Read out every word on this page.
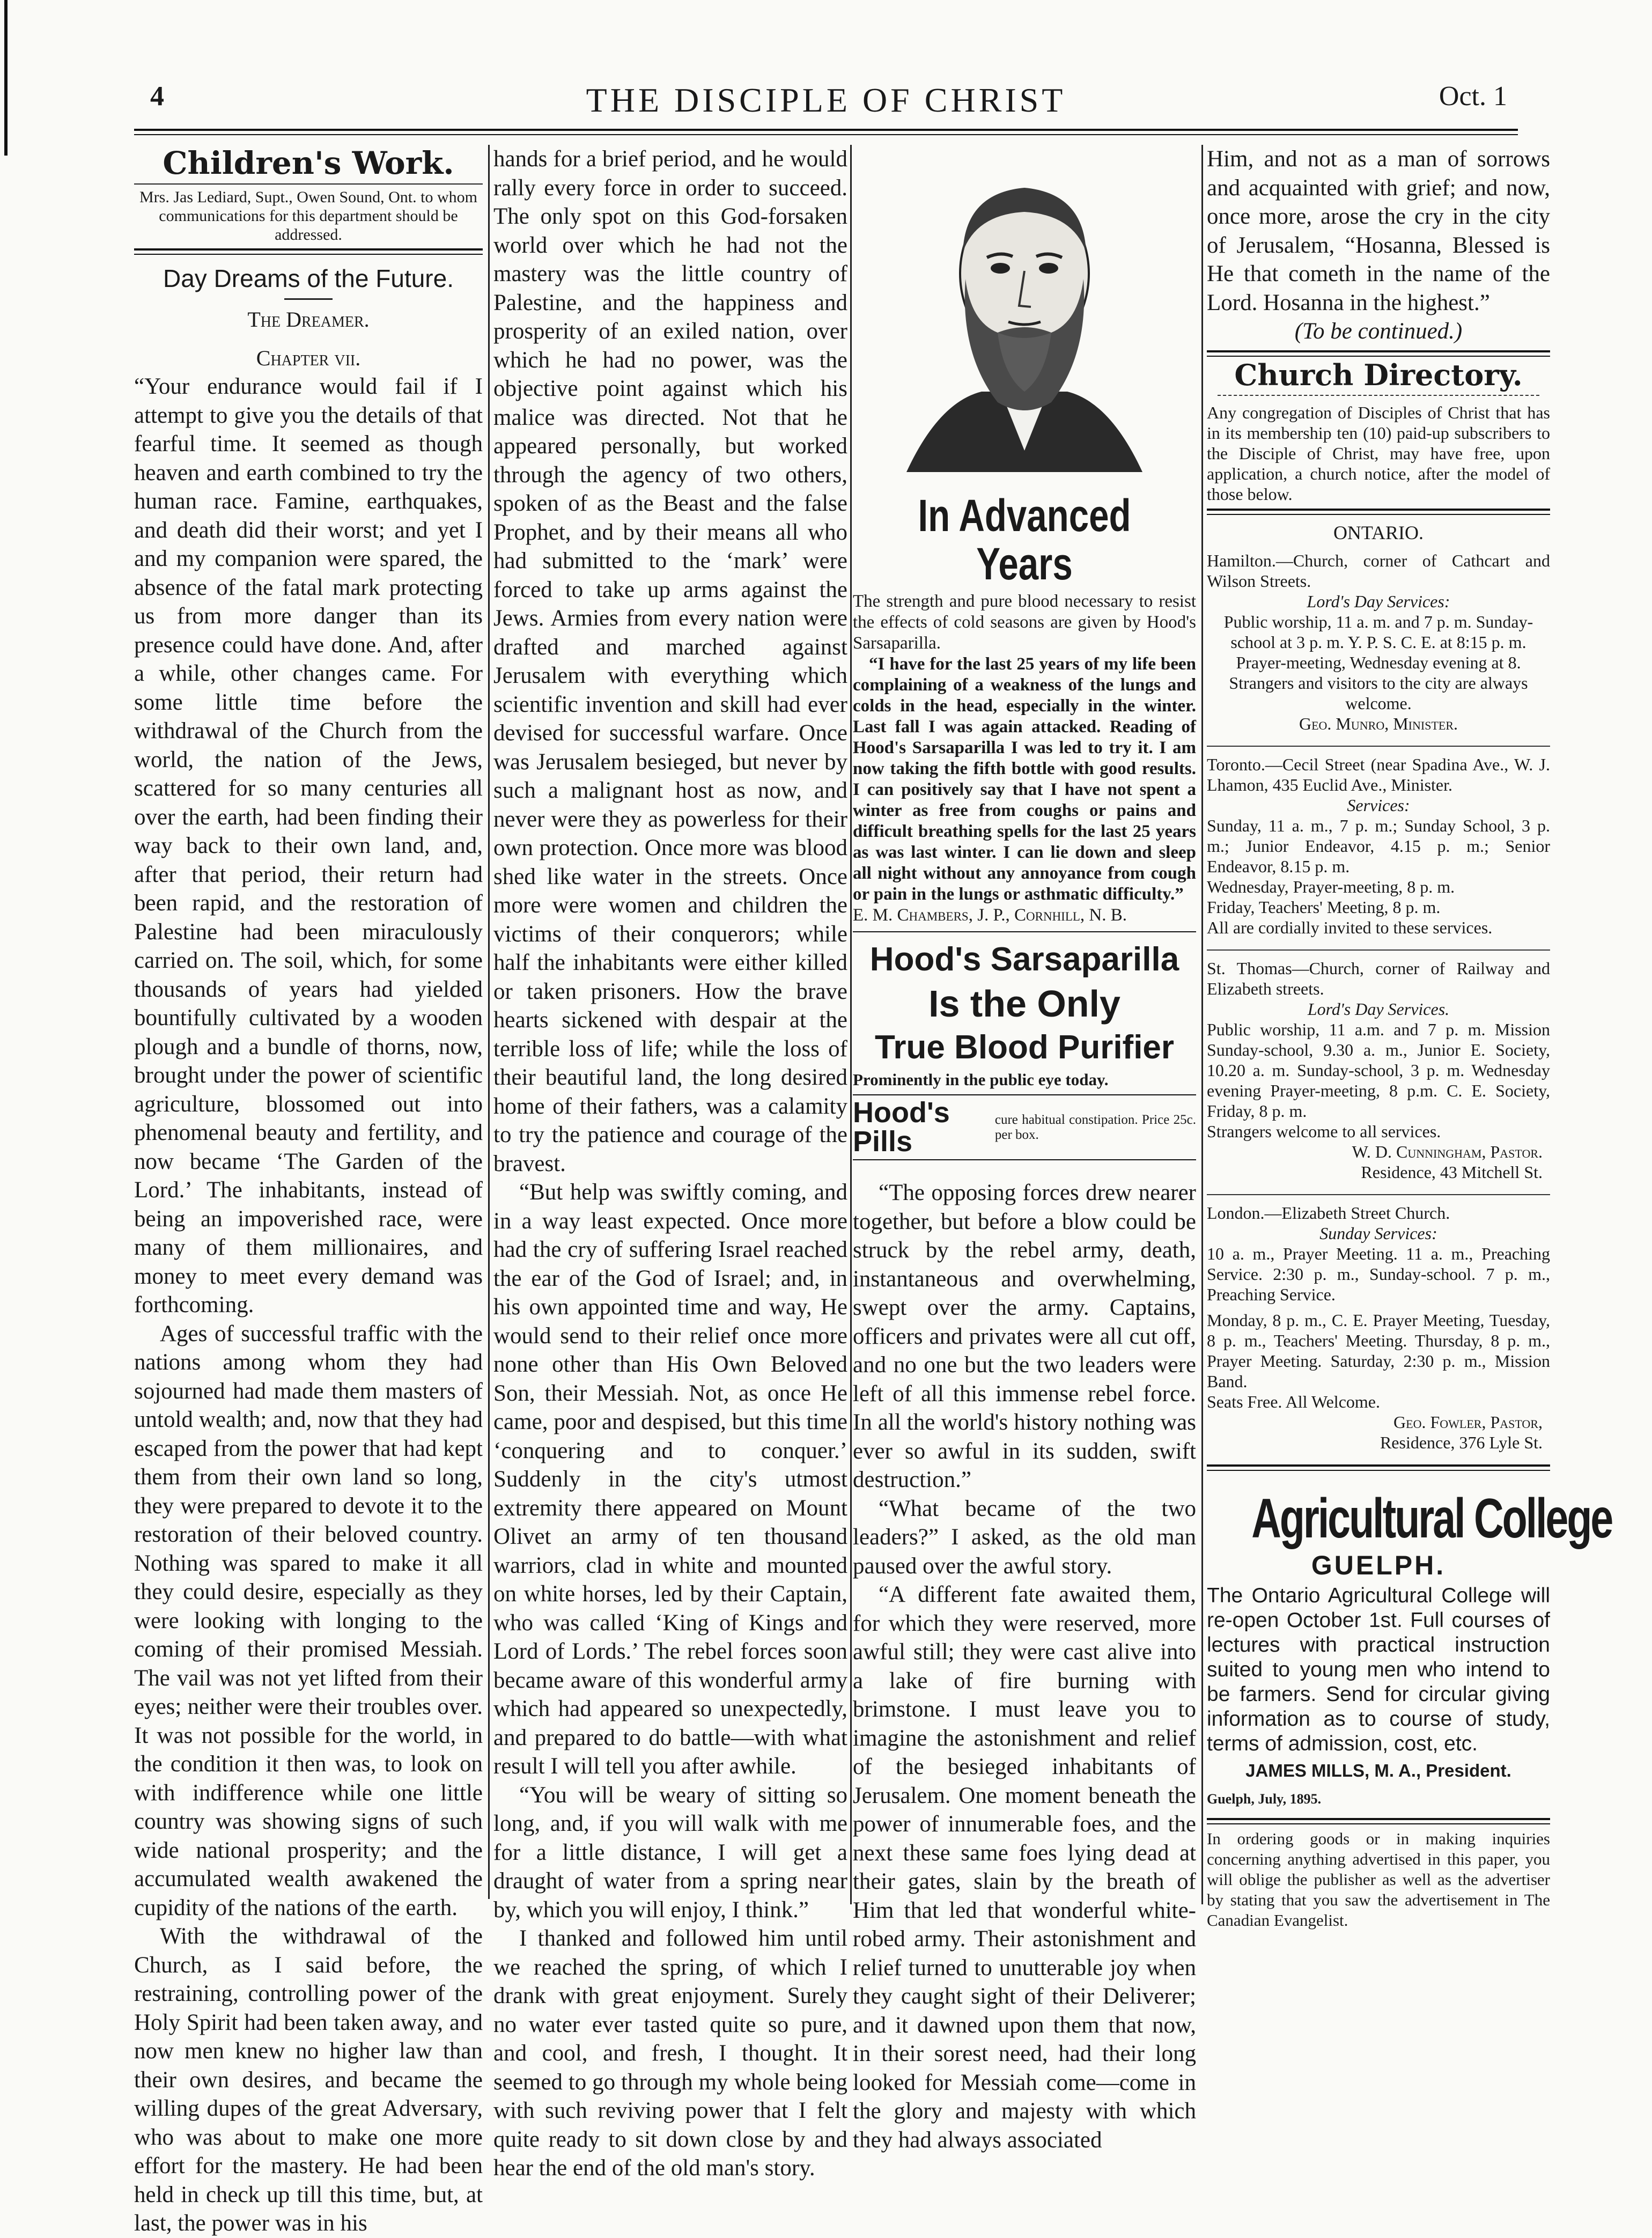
4	THE DISCIPLE OF CHRIST	Oct. 1
Children's Work.
Mrs. Jas Lediard, Supt., Owen Sound, Ont. to whom communications for this department should be addressed.
Day Dreams of the Future.
The Dreamer.
Chapter vii.

“Your endurance would fail if I attempt to give you the details of that fearful time. It seemed as though heaven and earth combined to try the human race. Famine, earthquakes, and death did their worst; and yet I and my companion were spared, the absence of the fatal mark protecting us from more danger than its presence could have done. And, after a while, other changes came. For some little time before the withdrawal of the Church from the world, the nation of the Jews, scattered for so many centuries all over the earth, had been finding their way back to their own land, and, after that period, their return had been rapid, and the restoration of Palestine had been miraculously carried on. The soil, which, for some thousands of years had yielded bountifully cultivated by a wooden plough and a bundle of thorns, now, brought under the power of scientific agriculture, blossomed out into phenomenal beauty and fertility, and now became ‘The Garden of the Lord.’ The inhabitants, instead of being an impoverished race, were many of them millionaires, and money to meet every demand was forthcoming.

Ages of successful traffic with the nations among whom they had sojourned had made them masters of untold wealth; and, now that they had escaped from the power that had kept them from their own land so long, they were prepared to devote it to the restoration of their beloved country. Nothing was spared to make it all they could desire, especially as they were looking with longing to the coming of their promised Messiah. The vail was not yet lifted from their eyes; neither were their troubles over. It was not possible for the world, in the condition it then was, to look on with indifference while one little country was showing signs of such wide national prosperity; and the accumulated wealth awakened the cupidity of the nations of the earth.

With the withdrawal of the Church, as I said before, the restraining, controlling power of the Holy Spirit had been taken away, and now men knew no higher law than their own desires, and became the willing dupes of the great Adversary, who was about to make one more effort for the mastery. He had been held in check up till this time, but, at last, the power was in his

hands for a brief period, and he would rally every force in order to succeed. The only spot on this God-forsaken world over which he had not the mastery was the little country of Palestine, and the happiness and prosperity of an exiled nation, over which he had no power, was the objective point against which his malice was directed. Not that he appeared personally, but worked through the agency of two others, spoken of as the Beast and the false Prophet, and by their means all who had submitted to the ‘mark’ were forced to take up arms against the Jews. Armies from every nation were drafted and marched against Jerusalem with everything which scientific invention and skill had ever devised for successful warfare. Once was Jerusalem besieged, but never by such a malignant host as now, and never were they as powerless for their own protection. Once more was blood shed like water in the streets. Once more were women and children the victims of their conquerors; while half the inhabitants were either killed or taken prisoners. How the brave hearts sickened with despair at the terrible loss of life; while the loss of their beautiful land, the long desired home of their fathers, was a calamity to try the patience and courage of the bravest.

“But help was swiftly coming, and in a way least expected. Once more had the cry of suffering Israel reached the ear of the God of Israel; and, in his own appointed time and way, He would send to their relief once more none other than His Own Beloved Son, their Messiah. Not, as once He came, poor and despised, but this time ‘conquering and to conquer.’ Suddenly in the city's utmost extremity there appeared on Mount Olivet an army of ten thousand warriors, clad in white and mounted on white horses, led by their Captain, who was called ‘King of Kings and Lord of Lords.’ The rebel forces soon became aware of this wonderful army which had appeared so unexpectedly, and prepared to do battle—with what result I will tell you after awhile.

“You will be weary of sitting so long, and, if you will walk with me for a little distance, I will get a draught of water from a spring near by, which you will enjoy, I think.”

I thanked and followed him until we reached the spring, of which I drank with great enjoyment. Surely no water ever tasted quite so pure, and cool, and fresh, I thought. It seemed to go through my whole being with such reviving power that I felt quite ready to sit down close by and hear the end of the old man's story.

In Advanced Years
The strength and pure blood necessary to resist the effects of cold seasons are given by Hood's Sarsaparilla.
“I have for the last 25 years of my life been complaining of a weakness of the lungs and colds in the head, especially in the winter. Last fall I was again attacked. Reading of Hood's Sarsaparilla I was led to try it. I am now taking the fifth bottle with good results. I can positively say that I have not spent a winter as free from coughs or pains and difficult breathing spells for the last 25 years as was last winter. I can lie down and sleep all night without any annoyance from cough or pain in the lungs or asthmatic difficulty.”
E. M. Chambers, J. P., Cornhill, N. B.
Hood's Sarsaparilla
Is the Only
True Blood Purifier
Prominently in the public eye today.
Hood's Pills
cure habitual constipation. Price 25c. per box.

“The opposing forces drew nearer together, but before a blow could be struck by the rebel army, death, instantaneous and overwhelming, swept over the army. Captains, officers and privates were all cut off, and no one but the two leaders were left of all this immense rebel force. In all the world's history nothing was ever so awful in its sudden, swift destruction.”

“What became of the two leaders?” I asked, as the old man paused over the awful story.

“A different fate awaited them, for which they were reserved, more awful still; they were cast alive into a lake of fire burning with brimstone. I must leave you to imagine the astonishment and relief of the besieged inhabitants of Jerusalem. One moment beneath the power of innumerable foes, and the next these same foes lying dead at their gates, slain by the breath of Him that led that wonderful white-robed army. Their astonishment and relief turned to unutterable joy when they caught sight of their Deliverer; and it dawned upon them that now, in their sorest need, had their long looked for Messiah come—come in the glory and majesty with which they had always associated

Him, and not as a man of sorrows and acquainted with grief; and now, once more, arose the cry in the city of Jerusalem, “Hosanna, Blessed is He that cometh in the name of the Lord. Hosanna in the highest.”

(To be continued.)
Church Directory.
Any congregation of Disciples of Christ that has in its membership ten (10) paid-up subscribers to the Disciple of Christ, may have free, upon application, a church notice, after the model of those below.
ONTARIO.
Hamilton.—Church, corner of Cathcart and Wilson Streets.
Lord's Day Services:
Public worship, 11 a. m. and 7 p. m. Sunday-school at 3 p. m. Y. P. S. C. E. at 8:15 p. m.
Prayer-meeting, Wednesday evening at 8.
Strangers and visitors to the city are always welcome.
Geo. Munro, Minister.
Toronto.—Cecil Street (near Spadina Ave., W. J. Lhamon, 435 Euclid Ave., Minister.
Services:
Sunday, 11 a. m., 7 p. m.; Sunday School, 3 p. m.; Junior Endeavor, 4.15 p. m.; Senior Endeavor, 8.15 p. m.
Wednesday, Prayer-meeting, 8 p. m.
Friday, Teachers' Meeting, 8 p. m.
All are cordially invited to these services.
St. Thomas—Church, corner of Railway and Elizabeth streets.
Lord's Day Services.
Public worship, 11 a.m. and 7 p. m. Mission Sunday-school, 9.30 a. m., Junior E. Society, 10.20 a. m. Sunday-school, 3 p. m. Wednesday evening Prayer-meeting, 8 p.m. C. E. Society, Friday, 8 p. m.
Strangers welcome to all services.
W. D. Cunningham, Pastor.
Residence, 43 Mitchell St.
London.—Elizabeth Street Church.
Sunday Services:
10 a. m., Prayer Meeting. 11 a. m., Preaching Service. 2:30 p. m., Sunday-school. 7 p. m., Preaching Service.
Monday, 8 p. m., C. E. Prayer Meeting, Tuesday, 8 p. m., Teachers' Meeting. Thursday, 8 p. m., Prayer Meeting. Saturday, 2:30 p. m., Mission Band.
Seats Free. All Welcome.
Geo. Fowler, Pastor,
Residence, 376 Lyle St.
Agricultural College
GUELPH.
The Ontario Agricultural College will re-open October 1st. Full courses of lectures with practical instruction suited to young men who intend to be farmers. Send for circular giving information as to course of study, terms of admission, cost, etc.
JAMES MILLS, M. A., President.
Guelph, July, 1895.
In ordering goods or in making inquiries concerning anything advertised in this paper, you will oblige the publisher as well as the advertiser by stating that you saw the advertisement in The Canadian Evangelist.
